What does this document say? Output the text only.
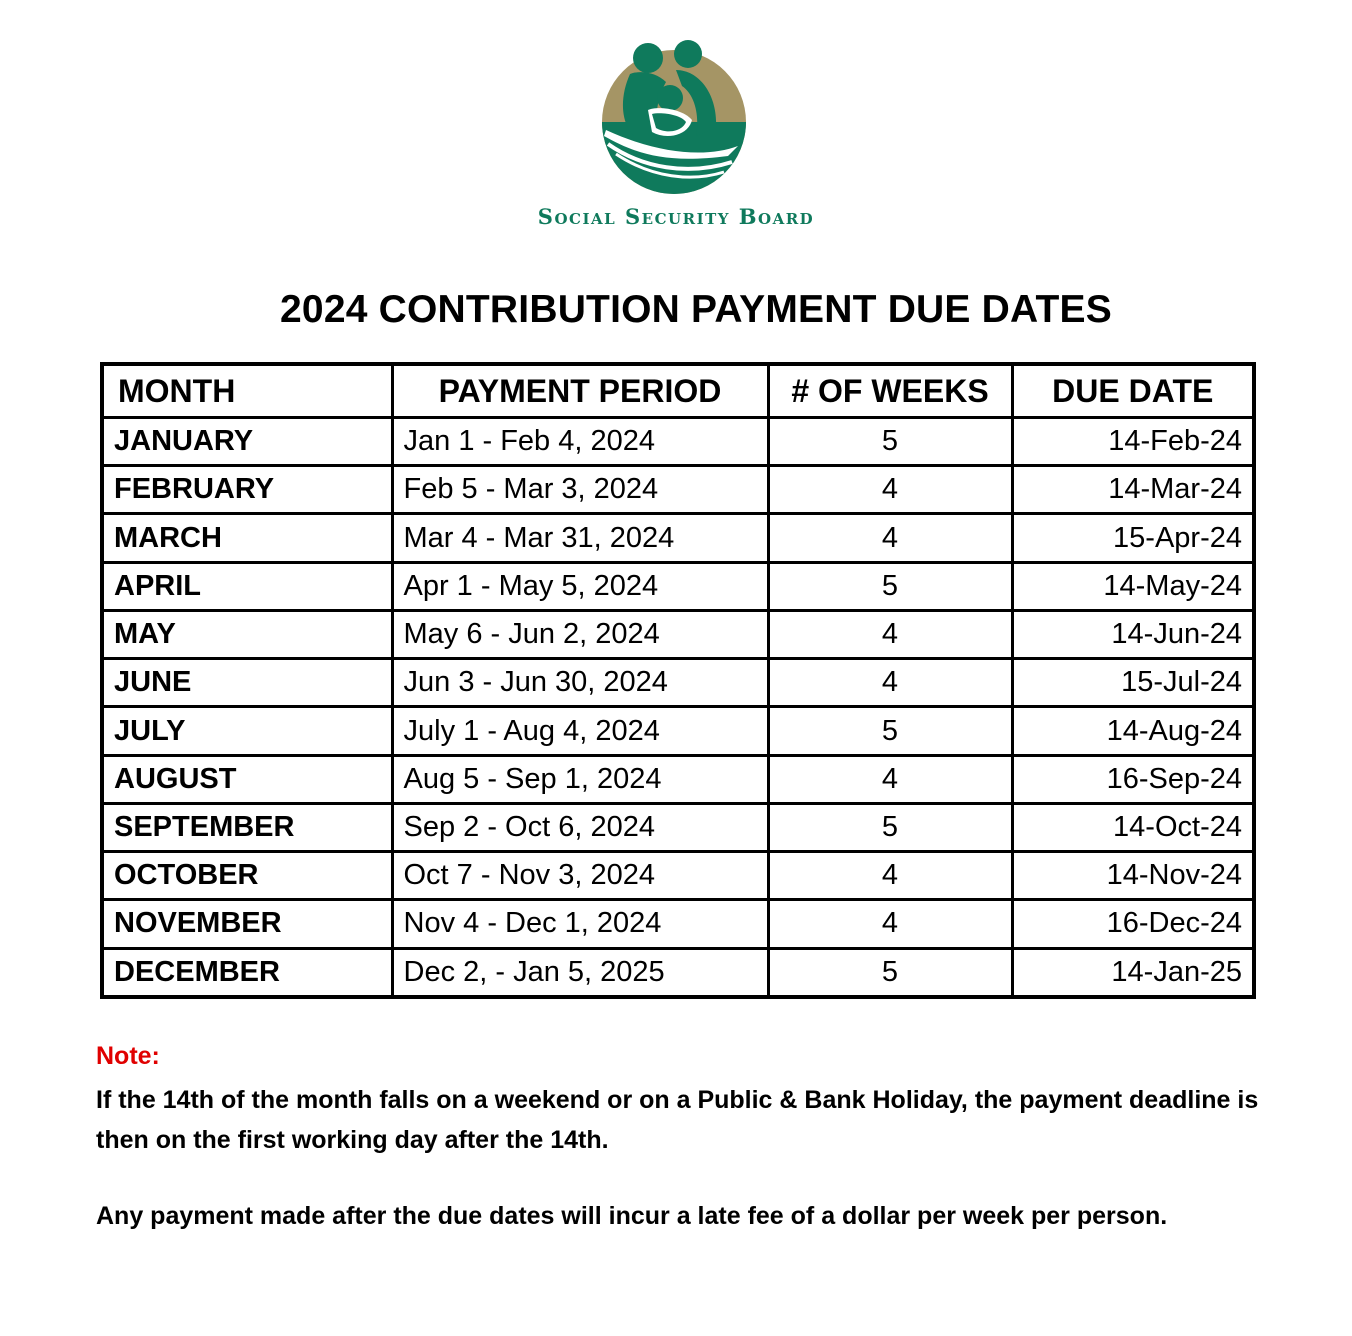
Social Security Board
2024 CONTRIBUTION PAYMENT DUE DATES
MONTH	PAYMENT PERIOD	# OF WEEKS	DUE DATE
JANUARY	Jan 1 - Feb 4, 2024	5	14-Feb-24
FEBRUARY	Feb 5 - Mar 3, 2024	4	14-Mar-24
MARCH	Mar 4 - Mar 31, 2024	4	15-Apr-24
APRIL	Apr 1 - May 5, 2024	5	14-May-24
MAY	May 6 - Jun 2, 2024	4	14-Jun-24
JUNE	Jun 3 - Jun 30, 2024	4	15-Jul-24
JULY	July 1 - Aug 4, 2024	5	14-Aug-24
AUGUST	Aug 5 - Sep 1, 2024	4	16-Sep-24
SEPTEMBER	Sep 2 - Oct 6, 2024	5	14-Oct-24
OCTOBER	Oct 7 - Nov 3, 2024	4	14-Nov-24
NOVEMBER	Nov 4 - Dec 1, 2024	4	16-Dec-24
DECEMBER	Dec 2, - Jan 5, 2025	5	14-Jan-25
Note:
If the 14th of the month falls on a weekend or on a Public & Bank Holiday, the payment deadline is then on the first working day after the 14th.
Any payment made after the due dates will incur a late fee of a dollar per week per person.
